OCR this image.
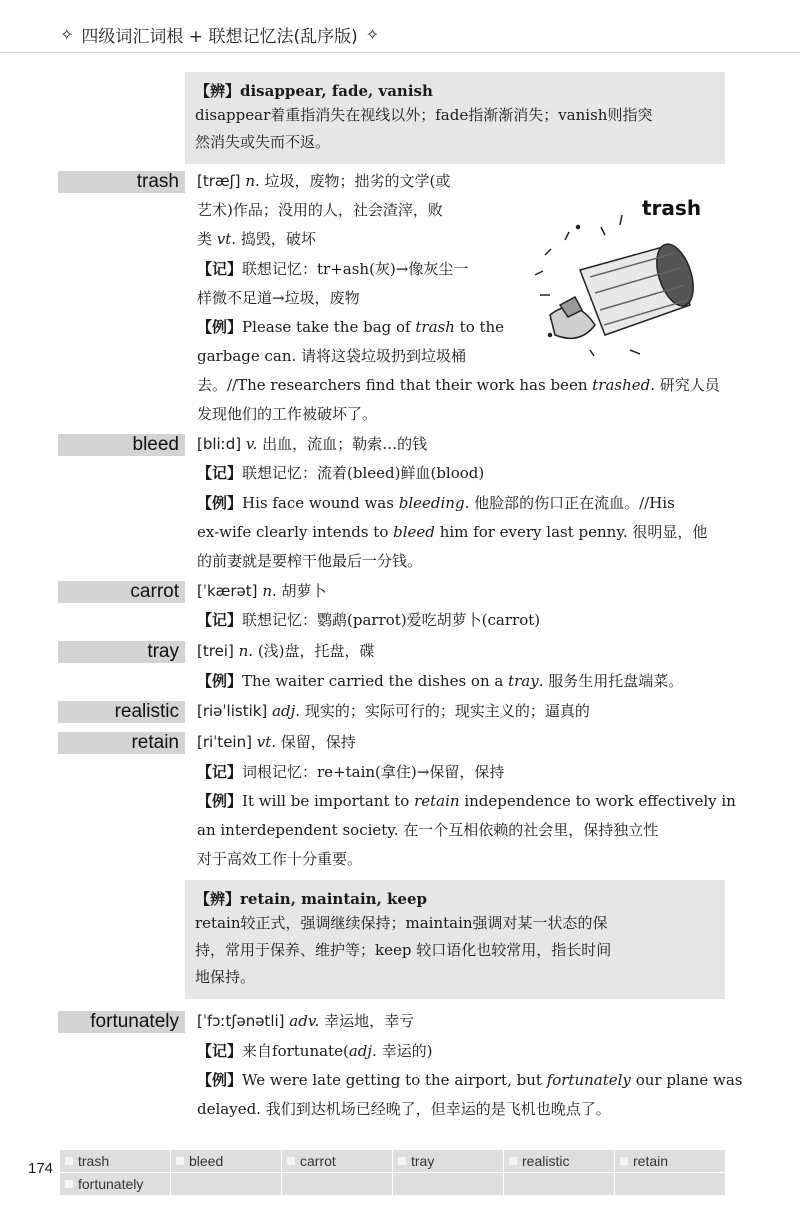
✧ 四级词汇词根 + 联想记忆法(乱序版) ✧
【辨】disappear, fade, vanish
disappear着重指消失在视线以外；fade指渐渐消失；vanish则指突
然消失或失而不返。
trash	[træʃ] n. 垃圾，废物；拙劣的文学(或
艺术)作品；没用的人，社会渣滓，败
类 vt. 捣毁，破坏
【记】联想记忆：tr+ash(灰)→像灰尘一
样微不足道→垃圾，废物
【例】Please take the bag of trash to the
garbage can. 请将这袋垃圾扔到垃圾桶
去。//The researchers find that their work has been trashed. 研究人员
发现他们的工作被破坏了。
trash
bleed	[bliːd] v. 出血，流血；勒索…的钱
【记】联想记忆：流着(bleed)鲜血(blood)
【例】His face wound was bleeding. 他脸部的伤口正在流血。//His
ex-wife clearly intends to bleed him for every last penny. 很明显，他
的前妻就是要榨干他最后一分钱。
carrot	[ˈkærət] n. 胡萝卜
【记】联想记忆：鹦鹉(parrot)爱吃胡萝卜(carrot)
tray	[trei] n. (浅)盘，托盘，碟
【例】The waiter carried the dishes on a tray. 服务生用托盘端菜。
realistic	[riəˈlistik] adj. 现实的；实际可行的；现实主义的；逼真的
retain	[riˈtein] vt. 保留，保持
【记】词根记忆：re+tain(拿住)→保留，保持
【例】It will be important to retain independence to work effectively in
an interdependent society. 在一个互相依赖的社会里，保持独立性
对于高效工作十分重要。
【辨】retain, maintain, keep
retain较正式，强调继续保持；maintain强调对某一状态的保
持，常用于保养、维护等；keep 较口语化也较常用，指长时间
地保持。
fortunately	[ˈfɔːtʃənətli] adv. 幸运地，幸亏
【记】来自fortunate(adj. 幸运的)
【例】We were late getting to the airport, but fortunately our plane was
delayed. 我们到达机场已经晚了，但幸运的是飞机也晚点了。
174	trash	bleed	carrot	tray	realistic	retain
fortunately
